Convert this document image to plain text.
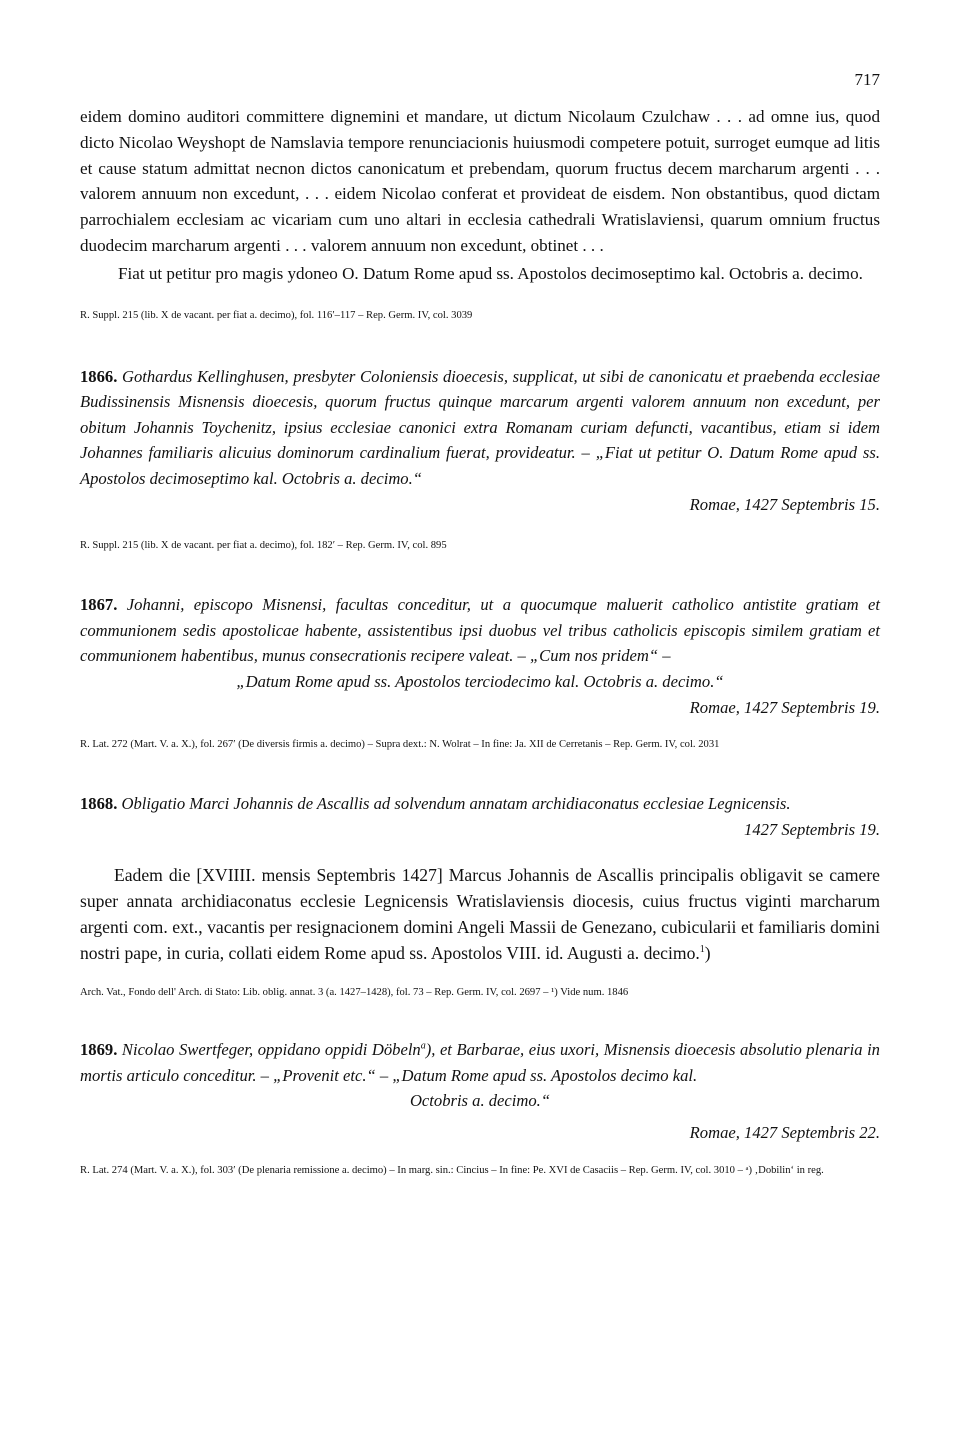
717

eidem domino auditori committere dignemini et mandare, ut dictum Nicolaum Czulchaw . . . ad omne ius, quod dicto Nicolao Weyshopt de Namslavia tempore renunciacionis huiusmodi competere potuit, surroget eumque ad litis et cause statum admittat necnon dictos canonicatum et prebendam, quorum fructus decem marcharum argenti . . . valorem annuum non excedunt, . . . eidem Nicolao conferat et provideat de eisdem. Non obstantibus, quod dictam parrochialem ecclesiam ac vicariam cum uno altari in ecclesia cathedrali Wratislaviensi, quarum omnium fructus duodecim marcharum argenti . . . valorem annuum non excedunt, obtinet . . .

Fiat ut petitur pro magis ydoneo O. Datum Rome apud ss. Apostolos decimoseptimo kal. Octobris a. decimo.

R. Suppl. 215 (lib. X de vacant. per fiat a. decimo), fol. 116′–117 – Rep. Germ. IV, col. 3039

1866. Gothardus Kellinghusen, presbyter Coloniensis dioecesis, supplicat, ut sibi de canonicatu et praebenda ecclesiae Budissinensis Misnensis dioecesis, quorum fructus quinque marcarum argenti valorem annuum non excedunt, per obitum Johannis Toychenitz, ipsius ecclesiae canonici extra Romanam curiam defuncti, vacantibus, etiam si idem Johannes familiaris alicuius dominorum cardinalium fuerat, provideatur. – „Fiat ut petitur O. Datum Rome apud ss. Apostolos decimoseptimo kal. Octobris a. decimo.“

Romae, 1427 Septembris 15.

R. Suppl. 215 (lib. X de vacant. per fiat a. decimo), fol. 182′ – Rep. Germ. IV, col. 895

1867. Johanni, episcopo Misnensi, facultas conceditur, ut a quocumque maluerit catholico antistite gratiam et communionem sedis apostolicae habente, assistentibus ipsi duobus vel tribus catholicis episcopis similem gratiam et communionem habentibus, munus consecrationis recipere valeat. – „Cum nos pridem“ –

„Datum Rome apud ss. Apostolos terciodecimo kal. Octobris a. decimo.“
Romae, 1427 Septembris 19.

R. Lat. 272 (Mart. V. a. X.), fol. 267′ (De diversis firmis a. decimo) – Supra dext.: N. Wolrat – In fine: Ja. XII de Cerretanis – Rep. Germ. IV, col. 2031

1868. Obligatio Marci Johannis de Ascallis ad solvendum annatam archidiaconatus ecclesiae Legnicensis.

1427 Septembris 19.

Eadem die [XVIIII. mensis Septembris 1427] Marcus Johannis de Ascallis principalis obligavit se camere super annata archidiaconatus ecclesie Legnicensis Wratislaviensis diocesis, cuius fructus viginti marcharum argenti com. ext., vacantis per resignacionem domini Angeli Massii de Genezano, cubicularii et familiaris domini nostri pape, in curia, collati eidem Rome apud ss. Apostolos VIII. id. Augusti a. decimo.$^1$)

Arch. Vat., Fondo dell' Arch. di Stato: Lib. oblig. annat. 3 (a. 1427–1428), fol. 73 – Rep. Germ. IV, col. 2697 – ¹) Vide num. 1846

1869. Nicolao Swertfeger, oppidano oppidi Döbeln$^a$), et Barbarae, eius uxori, Misnensis dioecesis absolutio plenaria in mortis articulo conceditur. – „Provenit etc.“ – „Datum Rome apud ss. Apostolos decimo kal.

Octobris a. decimo.“
Romae, 1427 Septembris 22.

R. Lat. 274 (Mart. V. a. X.), fol. 303′ (De plenaria remissione a. decimo) – In marg. sin.: Cincius – In fine: Pe. XVI de Casaciis – Rep. Germ. IV, col. 3010 – ᵃ) ‚Dobilin‘ in reg.
